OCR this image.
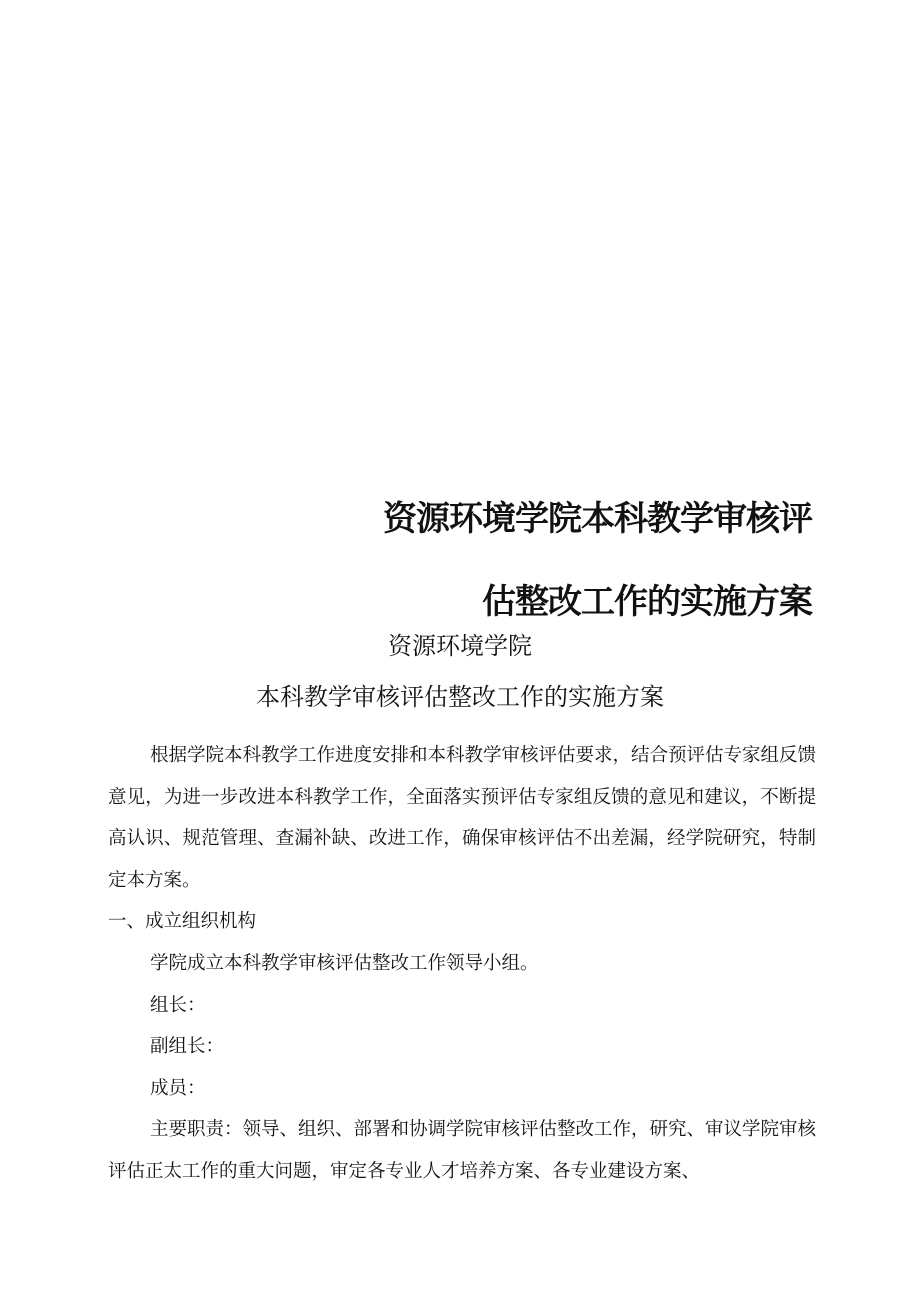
资源环境学院本科教学审核评
估整改工作的实施方案
资源环境学院
本科教学审核评估整改工作的实施方案

根据学院本科教学工作进度安排和本科教学审核评估要求，结合预评估专家组反馈意见，为进一步改进本科教学工作，全面落实预评估专家组反馈的意见和建议，不断提高认识、规范管理、查漏补缺、改进工作，确保审核评估不出差漏，经学院研究，特制定本方案。

一、成立组织机构

学院成立本科教学审核评估整改工作领导小组。

组长：

副组长：

成员：

主要职责：领导、组织、部署和协调学院审核评估整改工作，研究、审议学院审核评估正太工作的重大问题，审定各专业人才培养方案、各专业建设方案、
